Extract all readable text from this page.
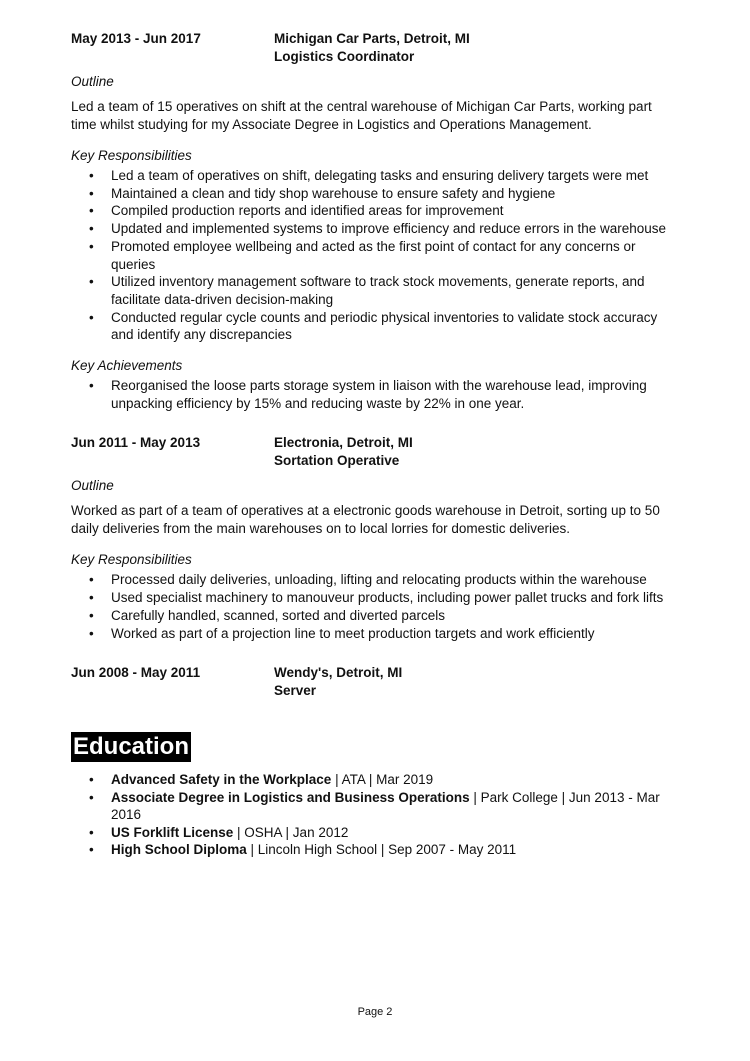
May 2013 - Jun 2017	Michigan Car Parts, Detroit, MI
Logistics Coordinator
Outline
Led a team of 15 operatives on shift at the central warehouse of Michigan Car Parts, working part time whilst studying for my Associate Degree in Logistics and Operations Management.
Key Responsibilities
• Led a team of operatives on shift, delegating tasks and ensuring delivery targets were met
• Maintained a clean and tidy shop warehouse to ensure safety and hygiene
• Compiled production reports and identified areas for improvement
• Updated and implemented systems to improve efficiency and reduce errors in the warehouse
• Promoted employee wellbeing and acted as the first point of contact for any concerns or queries
• Utilized inventory management software to track stock movements, generate reports, and facilitate data-driven decision-making
• Conducted regular cycle counts and periodic physical inventories to validate stock accuracy and identify any discrepancies
Key Achievements
• Reorganised the loose parts storage system in liaison with the warehouse lead, improving unpacking efficiency by 15% and reducing waste by 22% in one year.
Jun 2011 - May 2013	Electronia, Detroit, MI
Sortation Operative
Outline
Worked as part of a team of operatives at a electronic goods warehouse in Detroit, sorting up to 50 daily deliveries from the main warehouses on to local lorries for domestic deliveries.
Key Responsibilities
• Processed daily deliveries, unloading, lifting and relocating products within the warehouse
• Used specialist machinery to manouveur products, including power pallet trucks and fork lifts
• Carefully handled, scanned, sorted and diverted parcels
• Worked as part of a projection line to meet production targets and work efficiently
Jun 2008 - May 2011	Wendy's, Detroit, MI
Server
Education
• Advanced Safety in the Workplace | ATA | Mar 2019
• Associate Degree in Logistics and Business Operations | Park College | Jun 2013 - Mar 2016
• US Forklift License | OSHA | Jan 2012
• High School Diploma | Lincoln High School | Sep 2007 - May 2011
Page 2
